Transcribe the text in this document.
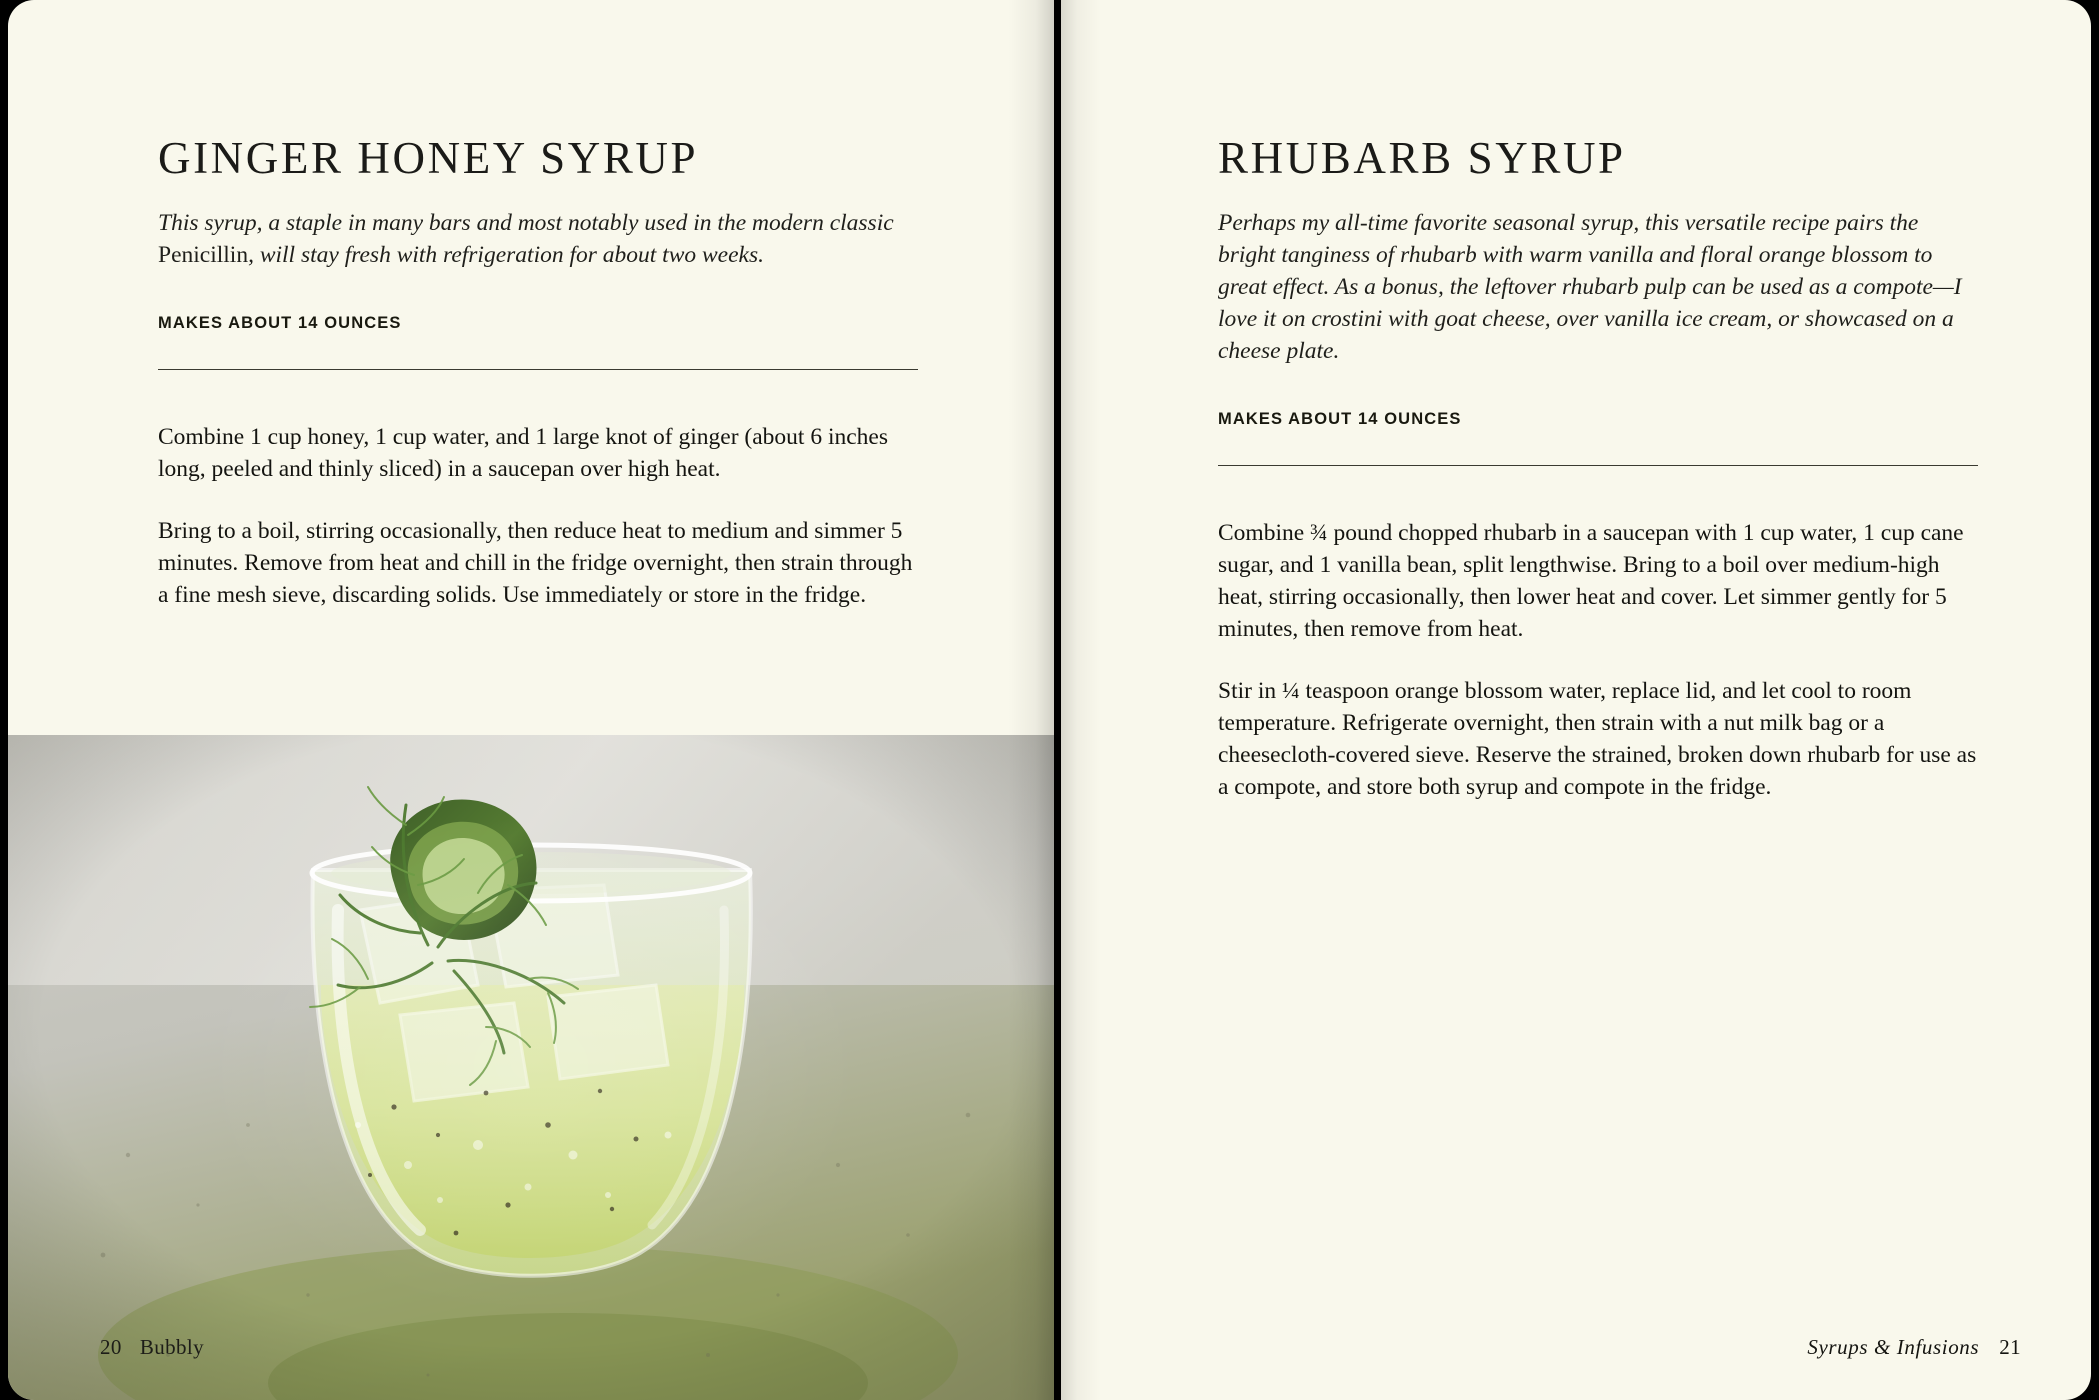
GINGER HONEY SYRUP

This syrup, a staple in many bars and most notably used in the modern classic Penicillin, will stay fresh with refrigeration for about two weeks.

MAKES ABOUT 14 OUNCES

Combine 1 cup honey, 1 cup water, and 1 large knot of ginger (about 6 inches long, peeled and thinly sliced) in a saucepan over high heat.

Bring to a boil, stirring occasionally, then reduce heat to medium and simmer 5 minutes. Remove from heat and chill in the fridge overnight, then strain through a fine mesh sieve, discarding solids. Use immediately or store in the fridge.

20 Bubbly
RHUBARB SYRUP

Perhaps my all-time favorite seasonal syrup, this versatile recipe pairs the bright tanginess of rhubarb with warm vanilla and floral orange blossom to great effect. As a bonus, the leftover rhubarb pulp can be used as a compote—I love it on crostini with goat cheese, over vanilla ice cream, or showcased on a cheese plate.

MAKES ABOUT 14 OUNCES

Combine ¾ pound chopped rhubarb in a saucepan with 1 cup water, 1 cup cane sugar, and 1 vanilla bean, split lengthwise. Bring to a boil over medium-high heat, stirring occasionally, then lower heat and cover. Let simmer gently for 5 minutes, then remove from heat.

Stir in ¼ teaspoon orange blossom water, replace lid, and let cool to room temperature. Refrigerate overnight, then strain with a nut milk bag or a cheesecloth-covered sieve. Reserve the strained, broken down rhubarb for use as a compote, and store both syrup and compote in the fridge.

Syrups & Infusions 21
